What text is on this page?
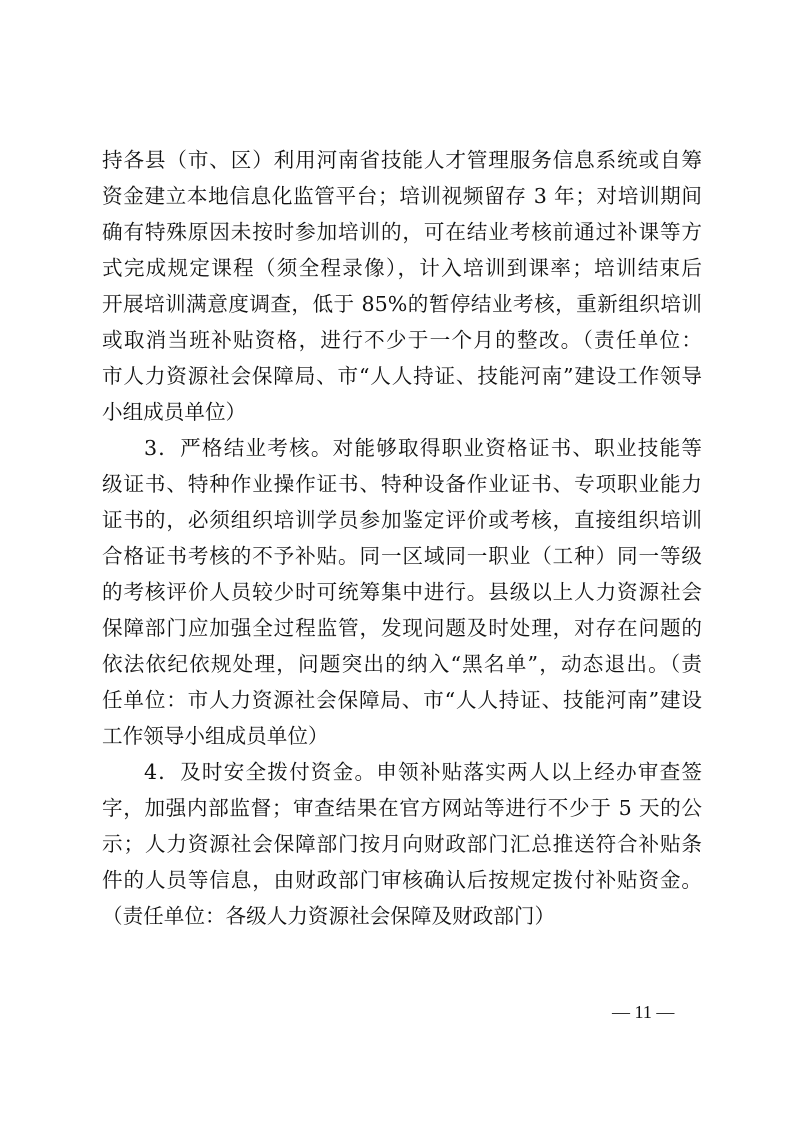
持各县（市、区）利用河南省技能人才管理服务信息系统或自筹
资金建立本地信息化监管平台；培训视频留存 3 年；对培训期间
确有特殊原因未按时参加培训的，可在结业考核前通过补课等方
式完成规定课程（须全程录像），计入培训到课率；培训结束后
开展培训满意度调查，低于 85%的暂停结业考核，重新组织培训
或取消当班补贴资格，进行不少于一个月的整改。（责任单位：
市人力资源社会保障局、市“人人持证、技能河南”建设工作领导
小组成员单位）
3．严格结业考核。对能够取得职业资格证书、职业技能等
级证书、特种作业操作证书、特种设备作业证书、专项职业能力
证书的，必须组织培训学员参加鉴定评价或考核，直接组织培训
合格证书考核的不予补贴。同一区域同一职业（工种）同一等级
的考核评价人员较少时可统筹集中进行。县级以上人力资源社会
保障部门应加强全过程监管，发现问题及时处理，对存在问题的
依法依纪依规处理，问题突出的纳入“黑名单”，动态退出。（责
任单位：市人力资源社会保障局、市“人人持证、技能河南”建设
工作领导小组成员单位）
4．及时安全拨付资金。申领补贴落实两人以上经办审查签
字，加强内部监督；审查结果在官方网站等进行不少于 5 天的公
示；人力资源社会保障部门按月向财政部门汇总推送符合补贴条
件的人员等信息，由财政部门审核确认后按规定拨付补贴资金。
（责任单位：各级人力资源社会保障及财政部门）
— 11 —
